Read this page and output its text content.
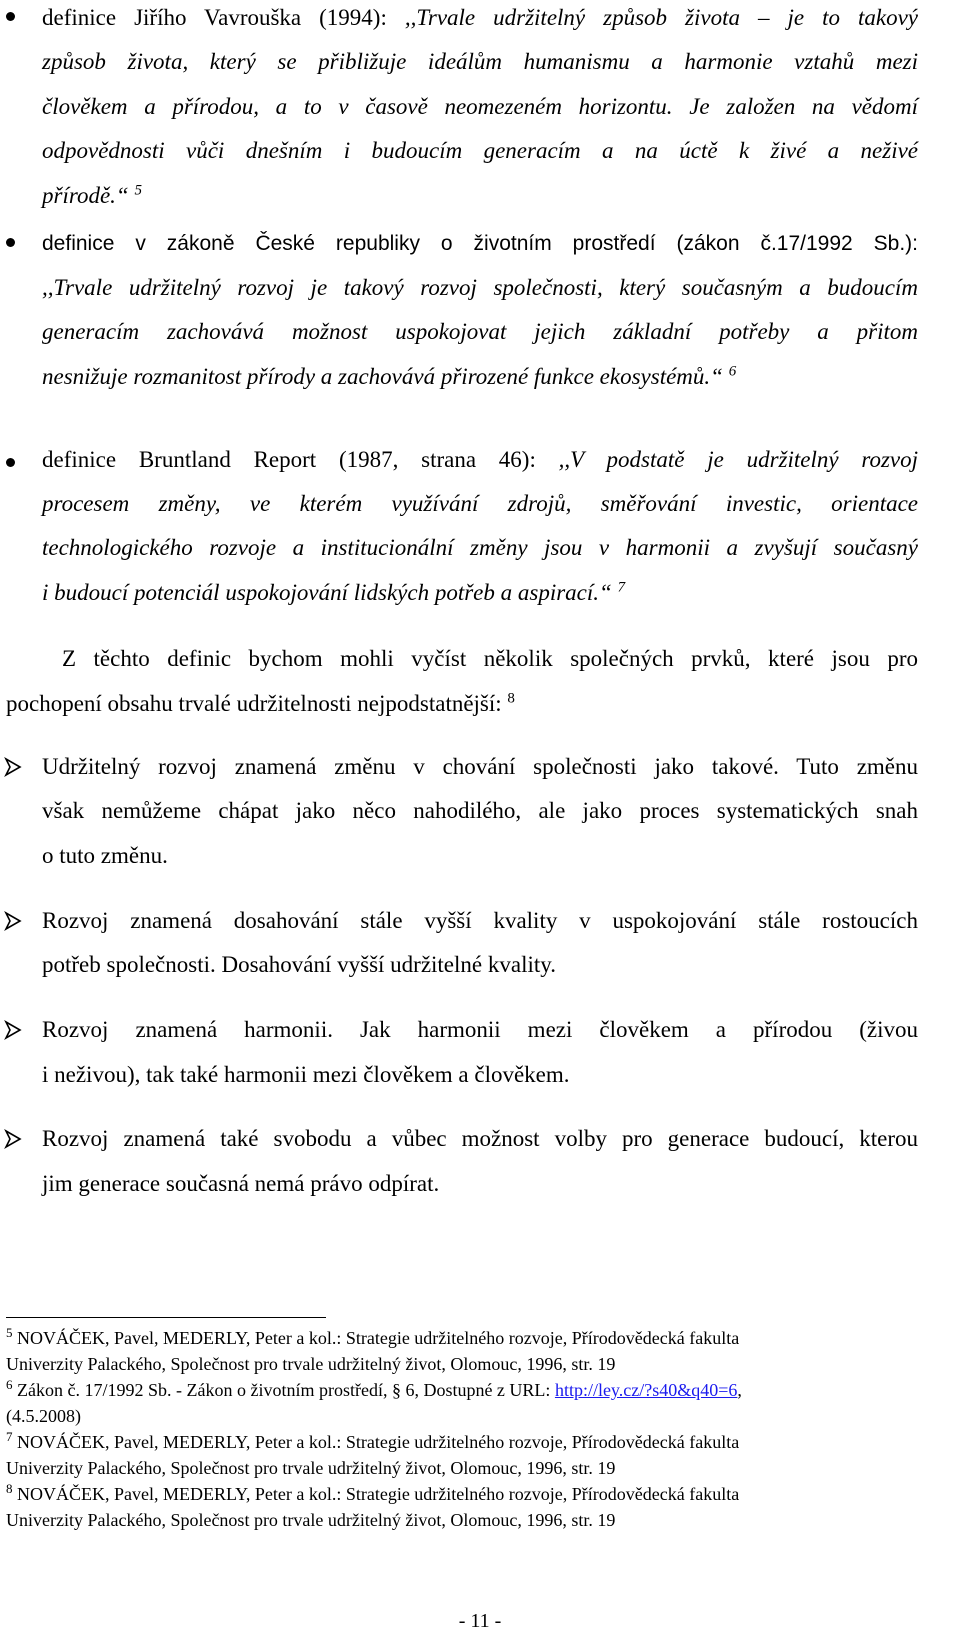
definice Jiřího Vavrouška (1994): ,,Trvale udržitelný způsob života – je to takový
způsob života, který se přibližuje ideálům humanismu a harmonie vztahů mezi
člověkem a přírodou, a to v časově neomezeném horizontu. Je založen na vědomí
odpovědnosti vůči dnešním i budoucím generacím a na úctě k živé a neživé
přírodě.“ $^5$
definice v zákoně České republiky o životním prostředí (zákon č.17/1992 Sb.):
,,Trvale udržitelný rozvoj je takový rozvoj společnosti, který současným a budoucím
generacím zachovává možnost uspokojovat jejich základní potřeby a přitom
nesnižuje rozmanitost přírody a zachovává přirozené funkce ekosystémů.“ $^6$
definice Bruntland Report (1987, strana 46): ,,V podstatě je udržitelný rozvoj
procesem změny, ve kterém využívání zdrojů, směřování investic, orientace
technologického rozvoje a institucionální změny jsou v harmonii a zvyšují současný
i budoucí potenciál uspokojování lidských potřeb a aspirací.“ $^7$
Z těchto definic bychom mohli vyčíst několik společných prvků, které jsou pro
pochopení obsahu trvalé udržitelnosti nejpodstatnější: $^8$
Udržitelný rozvoj znamená změnu v chování společnosti jako takové. Tuto změnu
však nemůžeme chápat jako něco nahodilého, ale jako proces systematických snah
o tuto změnu.
Rozvoj znamená dosahování stále vyšší kvality v uspokojování stále rostoucích
potřeb společnosti. Dosahování vyšší udržitelné kvality.
Rozvoj znamená harmonii. Jak harmonii mezi člověkem a přírodou (živou
i neživou), tak také harmonii mezi člověkem a člověkem.
Rozvoj znamená také svobodu a vůbec možnost volby pro generace budoucí, kterou
jim generace současná nemá právo odpírat.
$^5$ NOVÁČEK, Pavel, MEDERLY, Peter a kol.: Strategie udržitelného rozvoje, Přírodovědecká fakulta
Univerzity Palackého, Společnost pro trvale udržitelný život, Olomouc, 1996, str. 19
$^6$ Zákon č. 17/1992 Sb. - Zákon o životním prostředí, § 6, Dostupné z URL: http://ley.cz/?s40&q40=6,
(4.5.2008)
$^7$ NOVÁČEK, Pavel, MEDERLY, Peter a kol.: Strategie udržitelného rozvoje, Přírodovědecká fakulta
Univerzity Palackého, Společnost pro trvale udržitelný život, Olomouc, 1996, str. 19
$^8$ NOVÁČEK, Pavel, MEDERLY, Peter a kol.: Strategie udržitelného rozvoje, Přírodovědecká fakulta
Univerzity Palackého, Společnost pro trvale udržitelný život, Olomouc, 1996, str. 19
- 11 -
